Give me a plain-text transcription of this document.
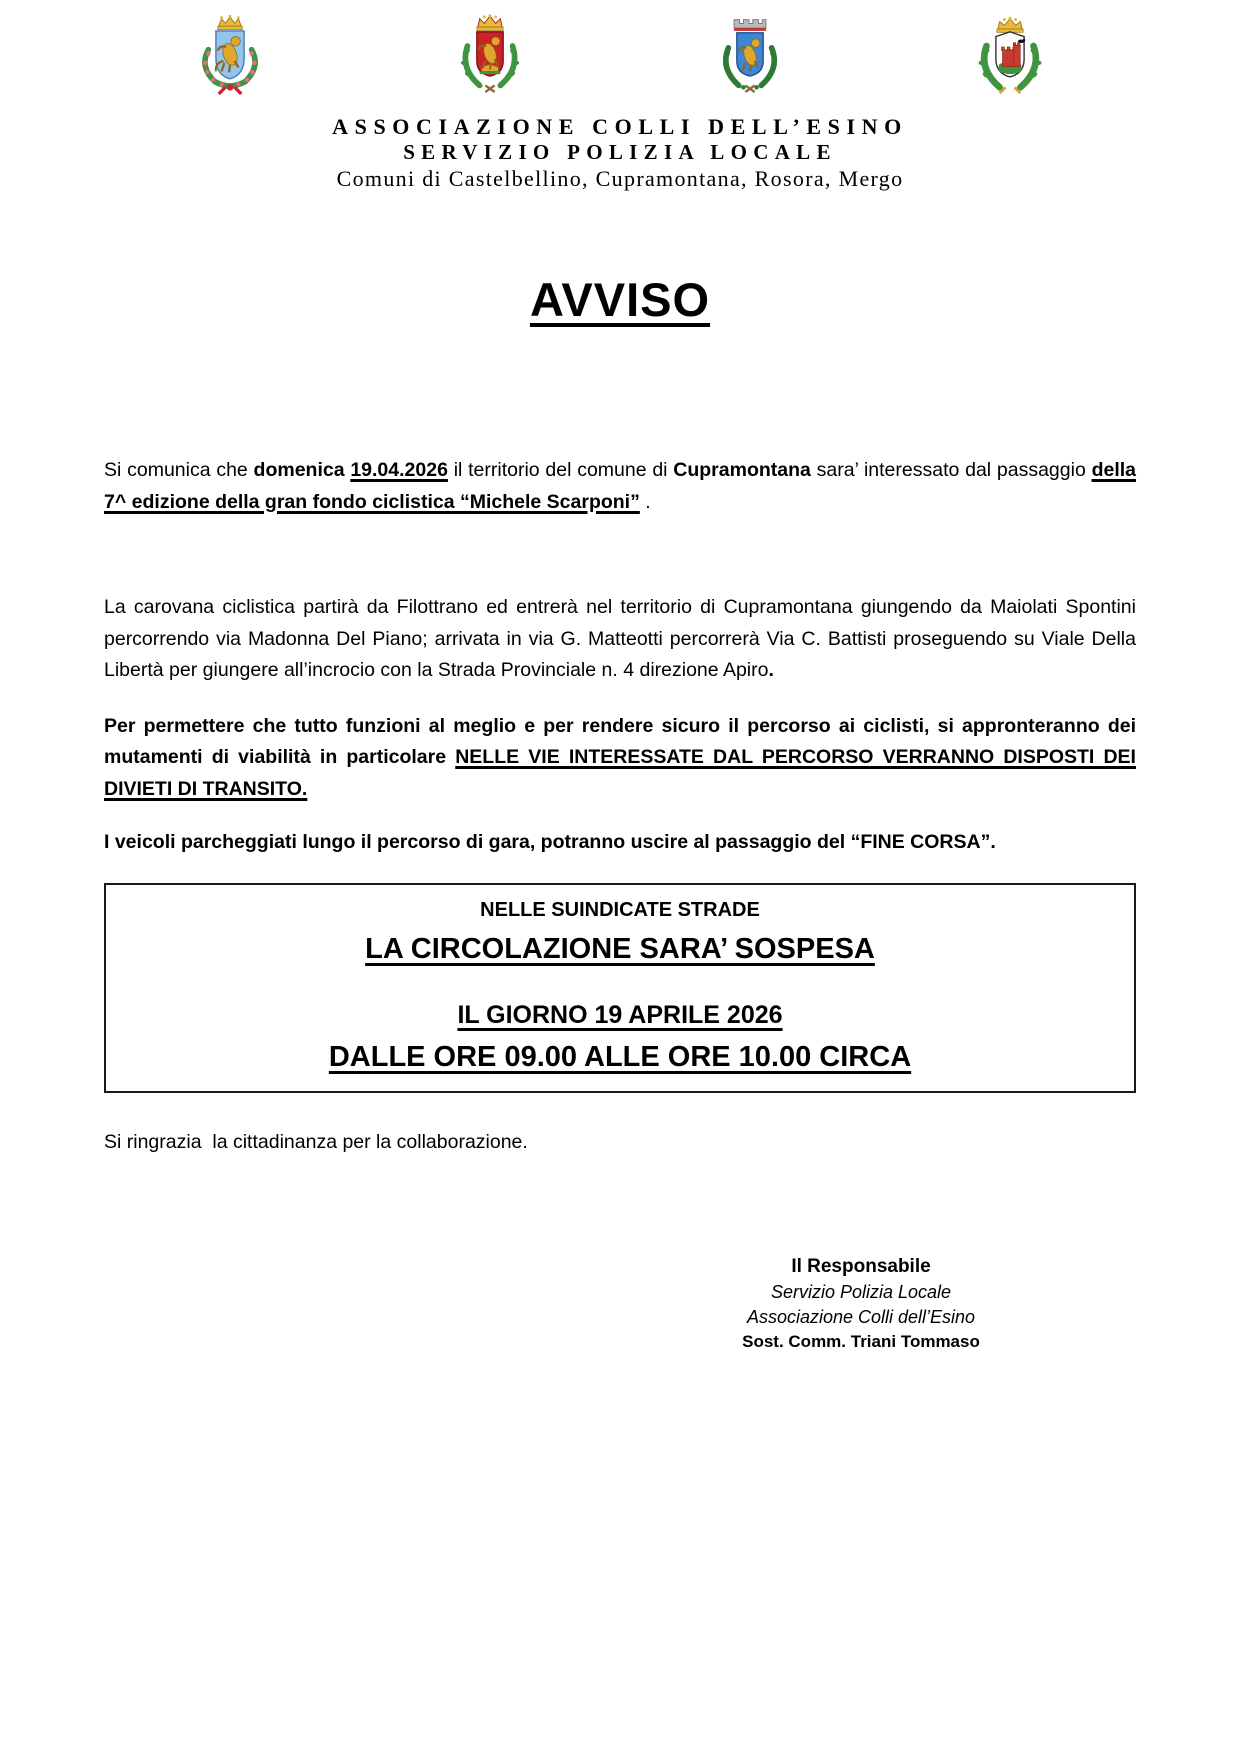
ASSOCIAZIONE COLLI DELL’ESINO
SERVIZIO POLIZIA LOCALE
Comuni di Castelbellino, Cupramontana, Rosora, Mergo
AVVISO

Si comunica che domenica 19.04.2026 il territorio del comune di Cupramontana sara’ interessato dal passaggio della 7^ edizione della gran fondo ciclistica “Michele Scarponi” .

La carovana ciclistica partirà da Filottrano ed entrerà nel territorio di Cupramontana giungendo da Maiolati Spontini percorrendo via Madonna Del Piano; arrivata in via G. Matteotti percorrerà Via C. Battisti proseguendo su Viale Della Libertà per giungere all’incrocio con la Strada Provinciale n. 4 direzione Apiro.

Per permettere che tutto funzioni al meglio e per rendere sicuro il percorso ai ciclisti, si appronteranno dei mutamenti di viabilità in particolare NELLE VIE INTERESSATE DAL PERCORSO VERRANNO DISPOSTI DEI DIVIETI DI TRANSITO.

I veicoli parcheggiati lungo il percorso di gara, potranno uscire al passaggio del “FINE CORSA”.

NELLE SUINDICATE STRADE
LA CIRCOLAZIONE SARA’ SOSPESA
IL GIORNO 19 APRILE 2026
DALLE ORE 09.00 ALLE ORE 10.00 CIRCA

Si ringrazia  la cittadinanza per la collaborazione.

Il Responsabile
Servizio Polizia Locale
Associazione Colli dell’Esino
Sost. Comm. Triani Tommaso
